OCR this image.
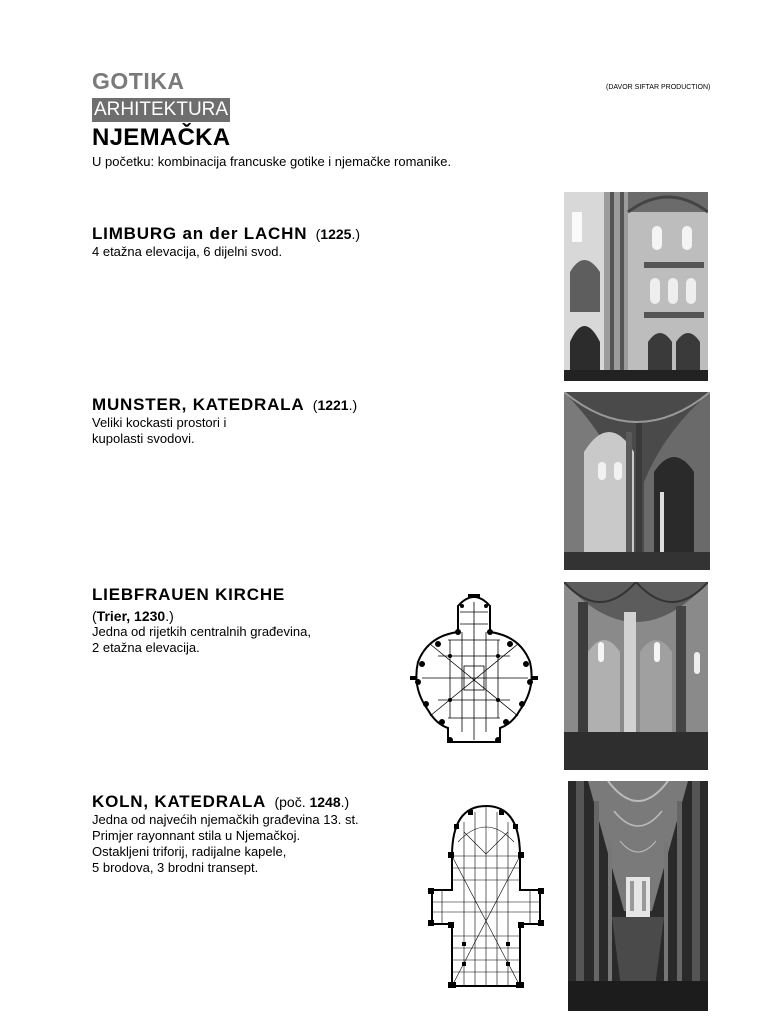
GOTIKA
ARHITEKTURA
(DAVOR SIFTAR PRODUCTION)
NJEMAČKA
U početku: kombinacija francuske gotike i njemačke romanike.
LIMBURG an der LACHN (1225.)
4 etažna elevacija, 6 dijelni svod.
MUNSTER, KATEDRALA (1221.)
Veliki kockasti prostori i
kupolasti svodovi.
LIEBFRAUEN KIRCHE
(Trier, 1230.)
Jedna od rijetkih centralnih građevina,
2 etažna elevacija.
KOLN, KATEDRALA (poč. 1248.)
Jedna od najvećih njemačkih građevina 13. st.
Primjer rayonnant stila u Njemačkoj.
Ostakljeni triforij, radijalne kapele,
5 brodova, 3 brodni transept.
